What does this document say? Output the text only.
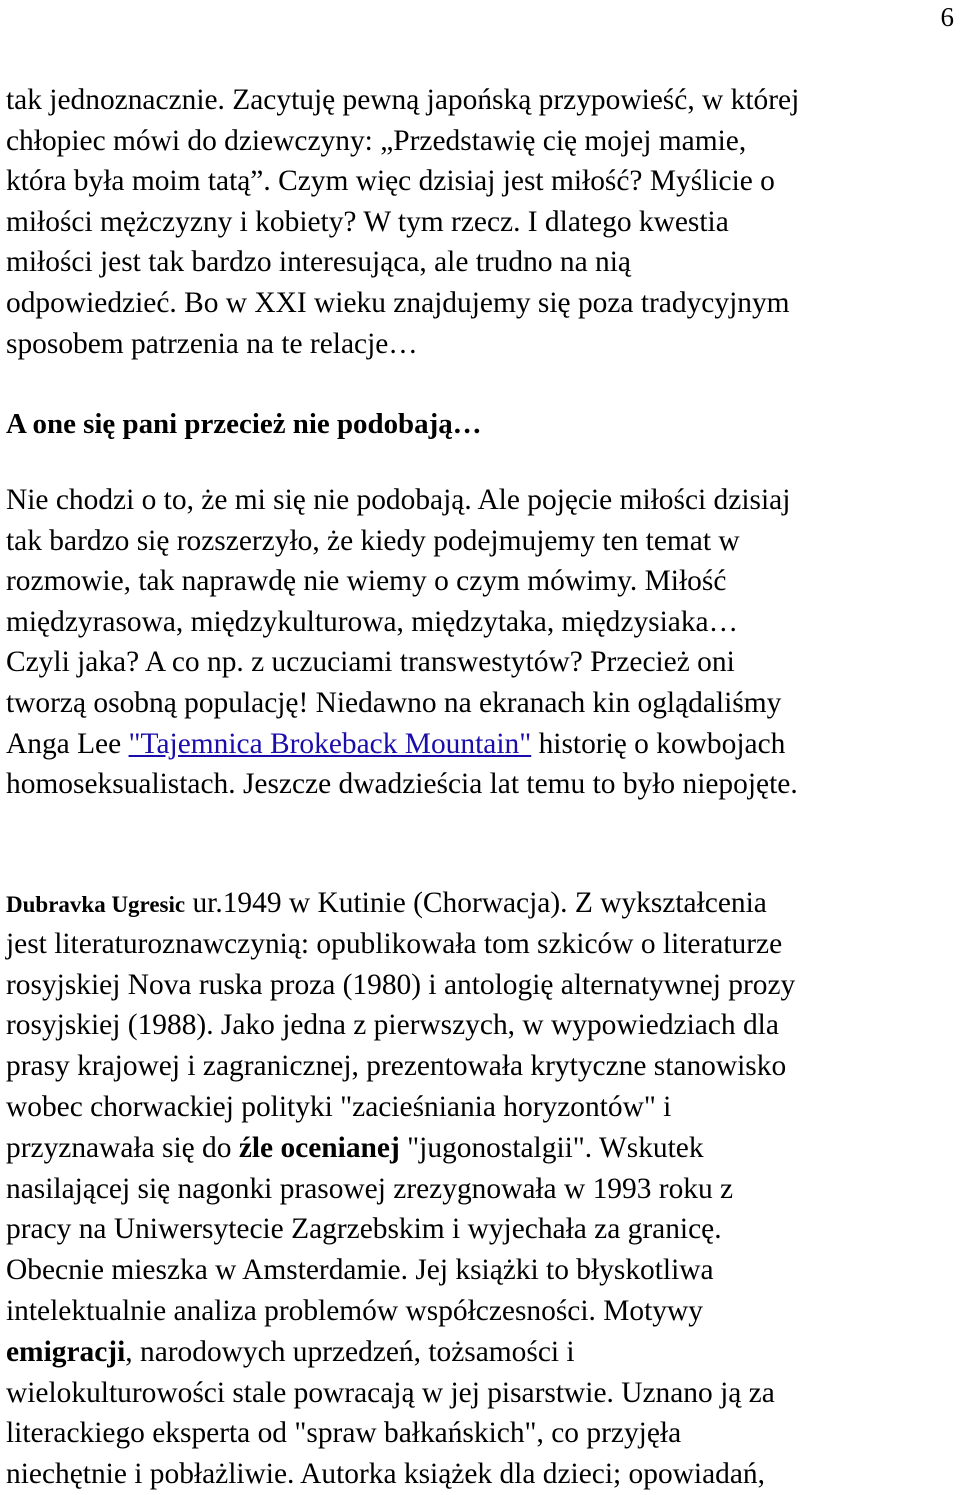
6
tak jednoznacznie. Zacytuję pewną japońską przypowieść, w której
chłopiec mówi do dziewczyny: „Przedstawię cię mojej mamie,
która była moim tatą”. Czym więc dzisiaj jest miłość? Myślicie o
miłości mężczyzny i kobiety? W tym rzecz. I dlatego kwestia
miłości jest tak bardzo interesująca, ale trudno na nią
odpowiedzieć. Bo w XXI wieku znajdujemy się poza tradycyjnym
sposobem patrzenia na te relacje…
A one się pani przecież nie podobają…
Nie chodzi o to, że mi się nie podobają. Ale pojęcie miłości dzisiaj
tak bardzo się rozszerzyło, że kiedy podejmujemy ten temat w
rozmowie, tak naprawdę nie wiemy o czym mówimy. Miłość
międzyrasowa, międzykulturowa, międzytaka, międzysiaka…
Czyli jaka? A co np. z uczuciami transwestytów? Przecież oni
tworzą osobną populację! Niedawno na ekranach kin oglądaliśmy
Anga Lee "Tajemnica Brokeback Mountain" historię o kowbojach
homoseksualistach. Jeszcze dwadzieścia lat temu to było niepojęte.
Dubravka Ugresic ur.1949 w Kutinie (Chorwacja). Z wykształcenia
jest literaturoznawczynią: opublikowała tom szkiców o literaturze
rosyjskiej Nova ruska proza (1980) i antologię alternatywnej prozy
rosyjskiej (1988). Jako jedna z pierwszych, w wypowiedziach dla
prasy krajowej i zagranicznej, prezentowała krytyczne stanowisko
wobec chorwackiej polityki "zacieśniania horyzontów" i
przyznawała się do źle ocenianej "jugonostalgii". Wskutek
nasilającej się nagonki prasowej zrezygnowała w 1993 roku z
pracy na Uniwersytecie Zagrzebskim i wyjechała za granicę.
Obecnie mieszka w Amsterdamie. Jej książki to błyskotliwa
intelektualnie analiza problemów współczesności. Motywy
emigracji, narodowych uprzedzeń, tożsamości i
wielokulturowości stale powracają w jej pisarstwie. Uznano ją za
literackiego eksperta od "spraw bałkańskich", co przyjęła
niechętnie i pobłażliwie. Autorka książek dla dzieci; opowiadań,
